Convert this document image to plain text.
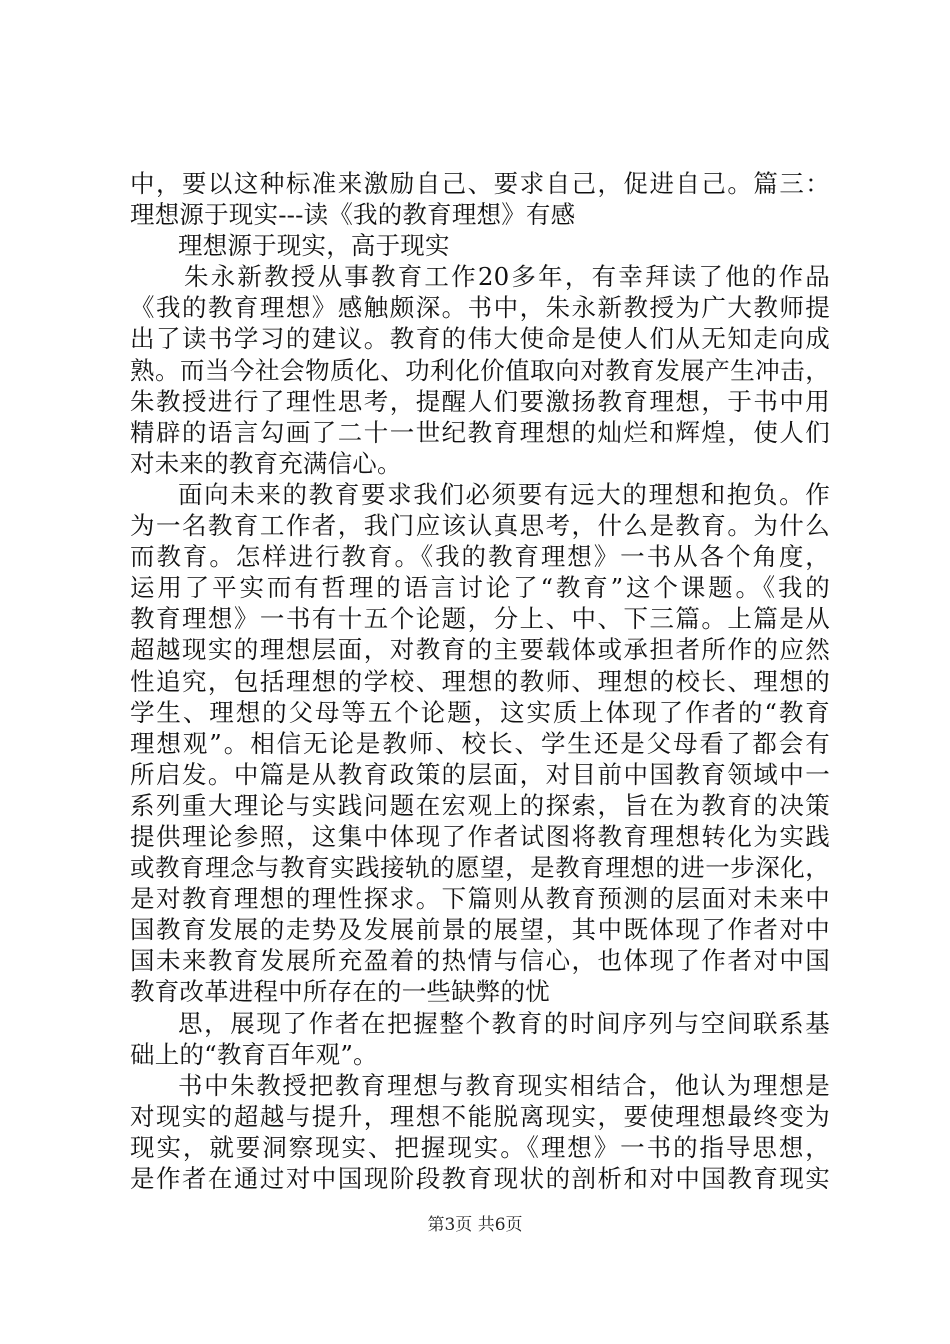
中，要以这种标准来激励自己、要求自己，促进自己。篇三：
理想源于现实---读《我的教育理想》有感
理想源于现实，高于现实
朱永新教授从事教育工作20多年，有幸拜读了他的作品
《我的教育理想》感触颇深。书中，朱永新教授为广大教师提
出了读书学习的建议。教育的伟大使命是使人们从无知走向成
熟。而当今社会物质化、功利化价值取向对教育发展产生冲击，
朱教授进行了理性思考，提醒人们要激扬教育理想，于书中用
精辟的语言勾画了二十一世纪教育理想的灿烂和辉煌，使人们
对未来的教育充满信心。
面向未来的教育要求我们必须要有远大的理想和抱负。作
为一名教育工作者，我门应该认真思考，什么是教育。为什么
而教育。怎样进行教育。《我的教育理想》一书从各个角度，
运用了平实而有哲理的语言讨论了“教育”这个课题。《我的
教育理想》一书有十五个论题，分上、中、下三篇。上篇是从
超越现实的理想层面，对教育的主要载体或承担者所作的应然
性追究，包括理想的学校、理想的教师、理想的校长、理想的
学生、理想的父母等五个论题，这实质上体现了作者的“教育
理想观”。相信无论是教师、校长、学生还是父母看了都会有
所启发。中篇是从教育政策的层面，对目前中国教育领域中一
系列重大理论与实践问题在宏观上的探索，旨在为教育的决策
提供理论参照，这集中体现了作者试图将教育理想转化为实践
或教育理念与教育实践接轨的愿望，是教育理想的进一步深化，
是对教育理想的理性探求。下篇则从教育预测的层面对未来中
国教育发展的走势及发展前景的展望，其中既体现了作者对中
国未来教育发展所充盈着的热情与信心，也体现了作者对中国
教育改革进程中所存在的一些缺弊的忧
思，展现了作者在把握整个教育的时间序列与空间联系基
础上的“教育百年观”。
书中朱教授把教育理想与教育现实相结合，他认为理想是
对现实的超越与提升，理想不能脱离现实，要使理想最终变为
现实，就要洞察现实、把握现实。《理想》一书的指导思想，
是作者在通过对中国现阶段教育现状的剖析和对中国教育现实
第3页 共6页
